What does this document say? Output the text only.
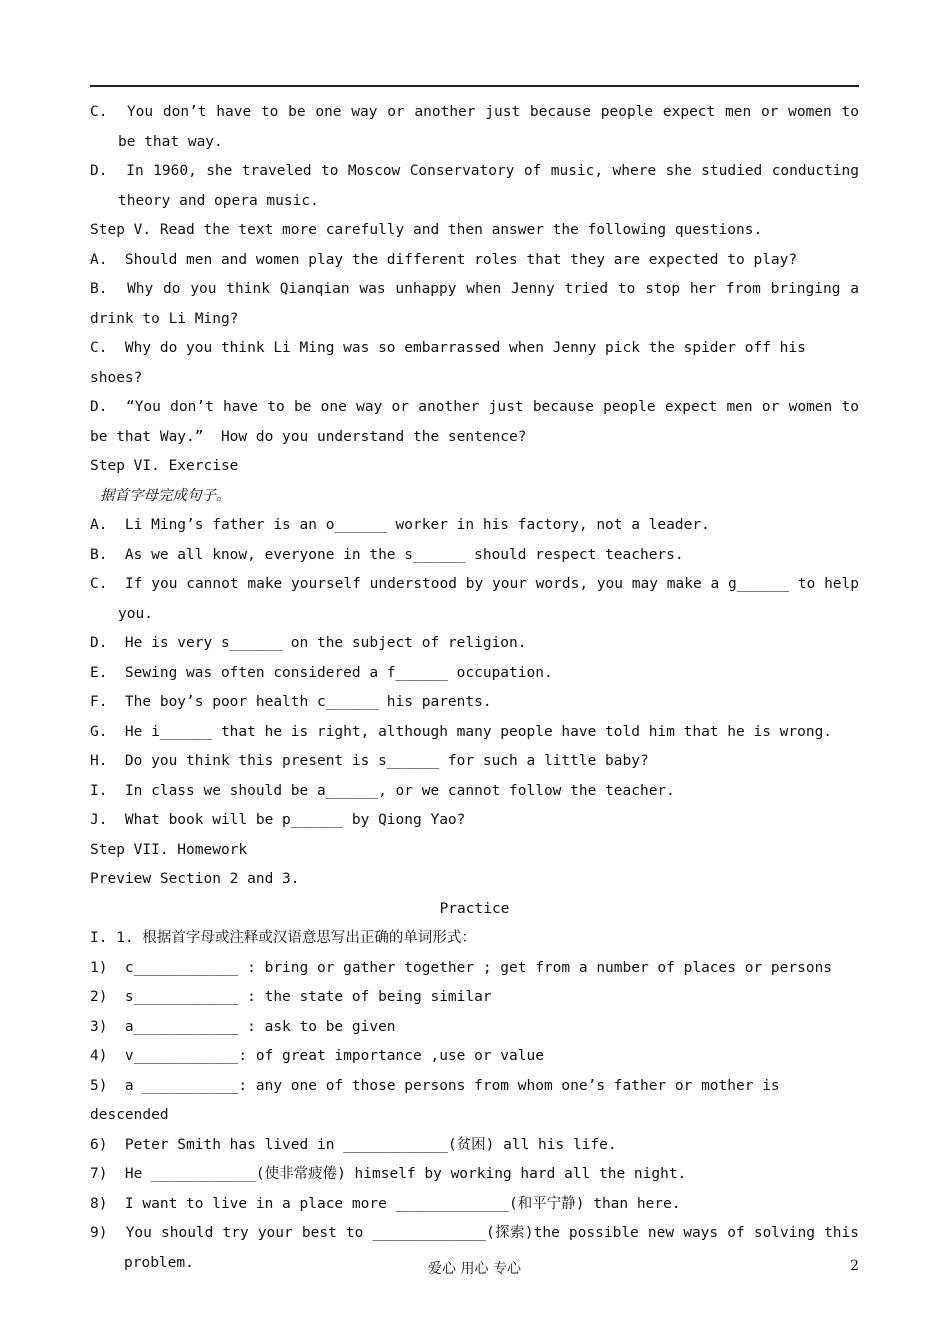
C.  You don’t have to be one way or another just because people expect men or women to be that way.
D.  In 1960, she traveled to Moscow Conservatory of music, where she studied conducting theory and opera music.
Step V. Read the text more carefully and then answer the following questions.
A.  Should men and women play the different roles that they are expected to play?
B.  Why do you think Qianqian was unhappy when Jenny tried to stop her from bringing a drink to Li Ming?
C.  Why do you think Li Ming was so embarrassed when Jenny pick the spider off his shoes?
D.  “You don’t have to be one way or another just because people expect men or women to be that Way.”  How do you understand the sentence?
Step VI. Exercise
据首字母完成句子。
A.  Li Ming’s father is an o______ worker in his factory, not a leader.
B.  As we all know, everyone in the s______ should respect teachers.
C.  If you cannot make yourself understood by your words, you may make a g______ to help you.
D.  He is very s______ on the subject of religion.
E.  Sewing was often considered a f______ occupation.
F.  The boy’s poor health c______ his parents.
G.  He i______ that he is right, although many people have told him that he is wrong.
H.  Do you think this present is s______ for such a little baby?
I.  In class we should be a______, or we cannot follow the teacher.
J.  What book will be p______ by Qiong Yao?
Step VII. Homework
Preview Section 2 and 3.
Practice
I. 1. 根据首字母或注释或汉语意思写出正确的单词形式：
1)  c____________ : bring or gather together ; get from a number of places or persons
2)  s____________ : the state of being similar
3)  a____________ : ask to be given
4)  v____________: of great importance ,use or value
5)  a ___________: any one of those persons from whom one’s father or mother is descended
6)  Peter Smith has lived in ____________(贫困) all his life.
7)  He ____________(使非常疲倦) himself by working hard all the night.
8)  I want to live in a place more _____________(和平宁静) than here.
9)  You should try your best to _____________(探索)the possible new ways of solving this problem.	爱心 用心 专心	2
